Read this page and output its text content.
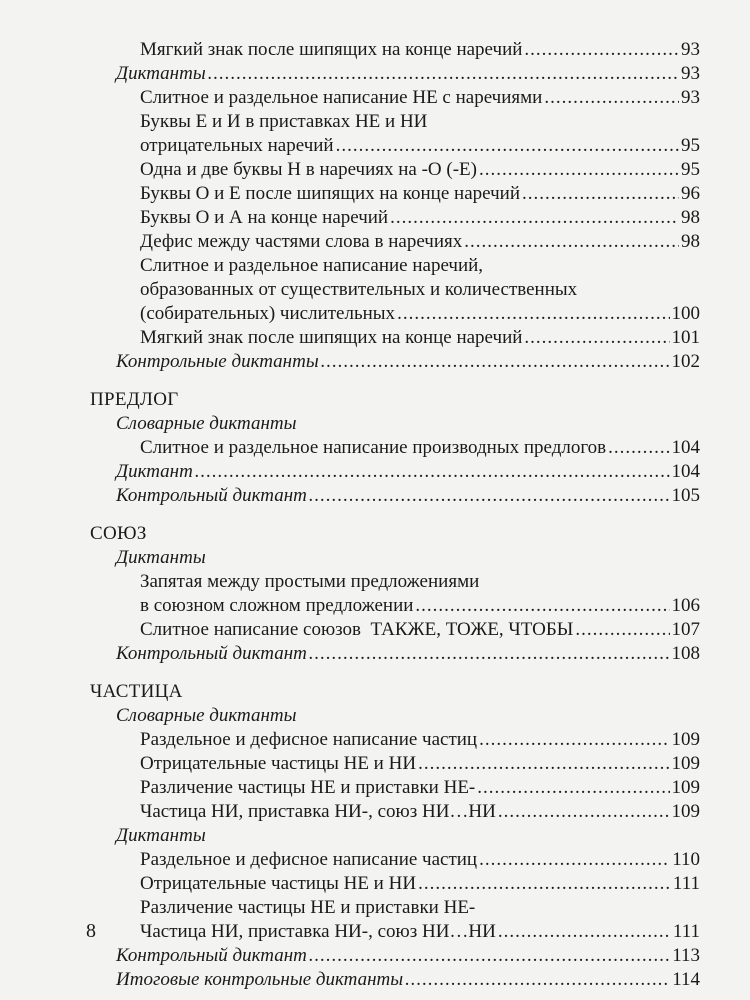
Мягкий знак после шипящих на конце наречий .....	93
Диктанты .....	93
Слитное и раздельное написание НЕ с наречиями .....	93
Буквы Е и И в приставках НЕ и НИ
отрицательных наречий .....	95
Одна и две буквы Н в наречиях на -О (-Е) .....	95
Буквы О и Е после шипящих на конце наречий .....	96
Буквы О и А на конце наречий .....	98
Дефис между частями слова в наречиях .....	98
Слитное и раздельное написание наречий,
образованных от существительных и количественных
(собирательных) числительных .....	100
Мягкий знак после шипящих на конце наречий .....	101
Контрольные диктанты .....	102
ПРЕДЛОГ
Словарные диктанты
Слитное и раздельное написание производных предлогов .....	104
Диктант .....	104
Контрольный диктант .....	105
СОЮЗ
Диктанты
Запятая между простыми предложениями
в союзном сложном предложении .....	106
Слитное написание союзов  ТАКЖЕ, ТОЖЕ, ЧТОБЫ .....	107
Контрольный диктант .....	108
ЧАСТИЦА
Словарные диктанты
Раздельное и дефисное написание частиц .....	109
Отрицательные частицы НЕ и НИ .....	109
Различение частицы НЕ и приставки НЕ- .....	109
Частица НИ, приставка НИ-, союз НИ…НИ .....	109
Диктанты
Раздельное и дефисное написание частиц .....	110
Отрицательные частицы НЕ и НИ .....	111
Различение частицы НЕ и приставки НЕ-
Частица НИ, приставка НИ-, союз НИ…НИ .....	111
Контрольный диктант .....	113
Итоговые контрольные диктанты .....	114
8
